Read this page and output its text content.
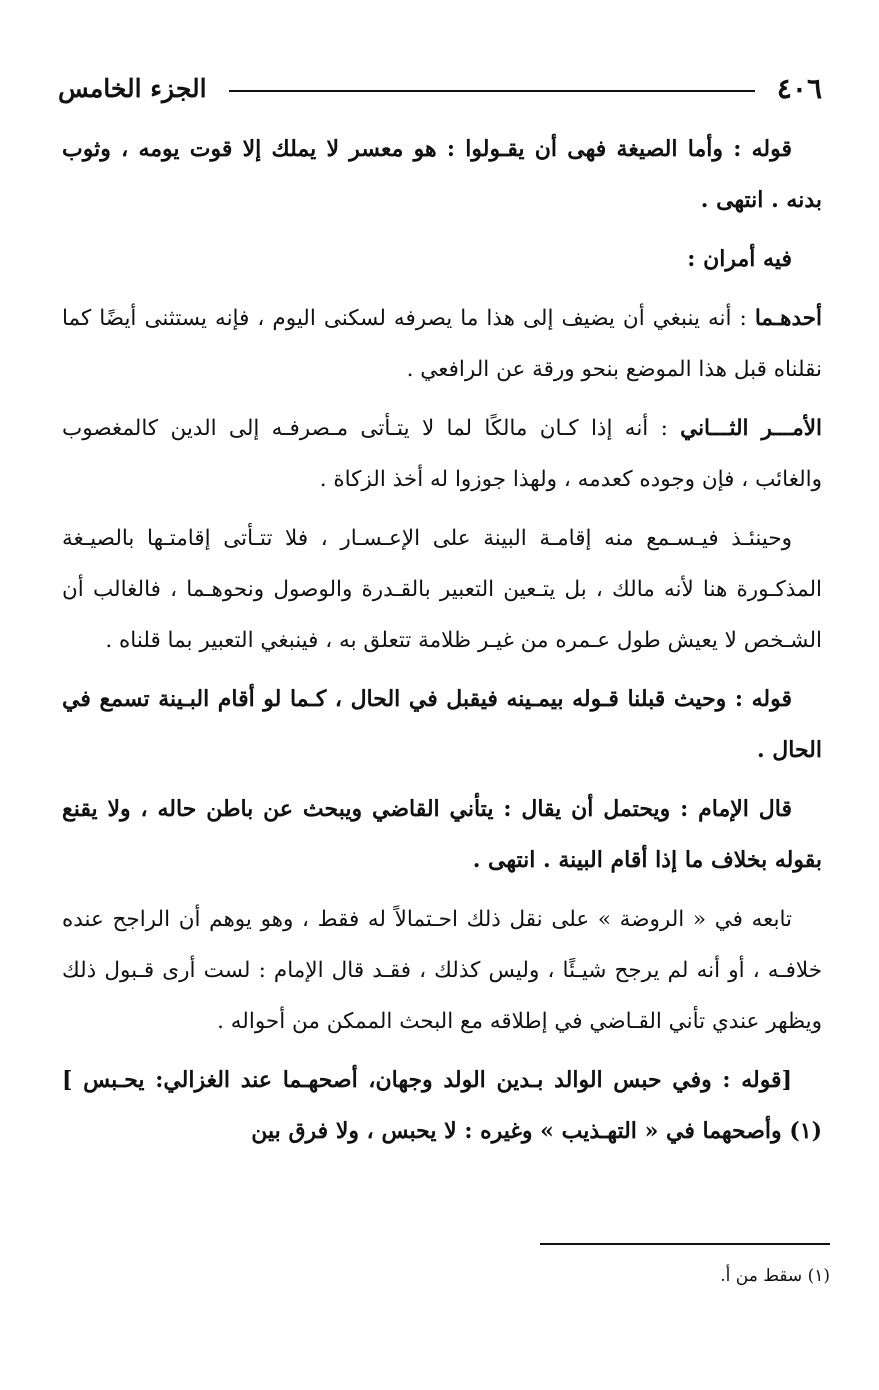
٤٠٦
الجزء الخامس

قوله : وأما الصيغة فهى أن يقـولوا : هو معسر لا يملك إلا قوت يومه ، وثوب بدنه . انتهى .

فيه أمران :

أحدهـما : أنه ينبغي أن يضيف إلى هذا ما يصرفه لسكنى اليوم ، فإنه يستثنى أيضًا كما نقلناه قبل هذا الموضع بنحو ورقة عن الرافعي .

الأمـــر الثـــاني : أنه إذا كـان مالكًا لما لا يتـأتى مـصرفـه إلى الدين كالمغصوب والغائب ، فإن وجوده كعدمه ، ولهذا جوزوا له أخذ الزكاة .

وحينئـذ فيـسـمع منه إقامـة البينة على الإعـسـار ، فلا تتـأتى إقامتـها بالصيـغة المذكـورة هنا لأنه مالك ، بل يتـعين التعبير بالقـدرة والوصول ونحوهـما ، فالغالب أن الشـخص لا يعيش طول عـمره من غيـر ظلامة تتعلق به ، فينبغي التعبير بما قلناه .

قوله : وحيث قبلنا قـوله بيمـينه فيقبل في الحال ، كـما لو أقام البـينة تسمع في الحال .

قال الإمام : ويحتمل أن يقال : يتأني القاضي ويبحث عن باطن حاله ، ولا يقنع بقوله بخلاف ما إذا أقام البينة . انتهى .

تابعه في « الروضة » على نقل ذلك احـتمالاً له فقط ، وهو يوهم أن الراجح عنده خلافـه ، أو أنه لم يرجح شيـئًا ، وليس كذلك ، فقـد قال الإمام : لست أرى قـبول ذلك ويظهر عندي تأني القـاضي في إطلاقه مع البحث الممكن من أحواله .

[قوله : وفي حبس الوالد بـدين الولد وجهان، أصحهـما عند الغزالي: يحـبس ] (١) وأصحهما في « التهـذيب » وغيره : لا يحبس ، ولا فرق بين

(١) سقط من أ.
